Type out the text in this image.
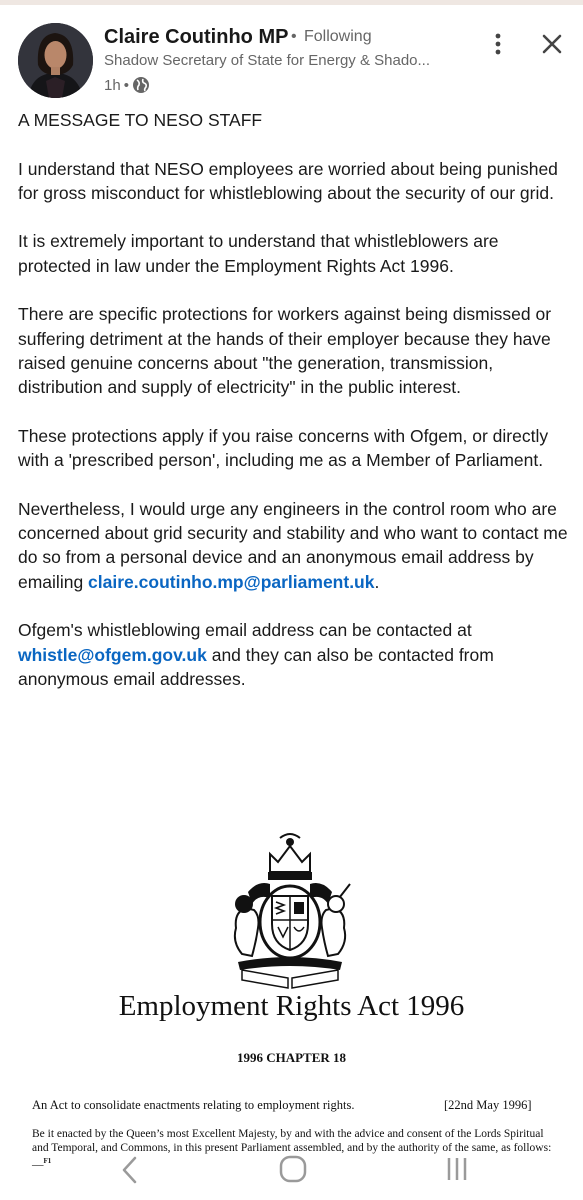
Claire Coutinho MP • Following
Shadow Secretary of State for Energy & Shado...
1h •

A MESSAGE TO NESO STAFF

I understand that NESO employees are worried about being punished for gross misconduct for whistleblowing about the security of our grid.

It is extremely important to understand that whistleblowers are protected in law under the Employment Rights Act 1996.

There are specific protections for workers against being dismissed or suffering detriment at the hands of their employer because they have raised genuine concerns about "the generation, transmission, distribution and supply of electricity" in the public interest.

These protections apply if you raise concerns with Ofgem, or directly with a 'prescribed person', including me as a Member of Parliament.

Nevertheless, I would urge any engineers in the control room who are concerned about grid security and stability and who want to contact me do so from a personal device and an anonymous email address by emailing claire.coutinho.mp@parliament.uk.

Ofgem's whistleblowing email address can be contacted at whistle@ofgem.gov.uk and they can also be contacted from anonymous email addresses.

Employment Rights Act 1996
1996 CHAPTER 18
An Act to consolidate enactments relating to employment rights.	[22nd May 1996]
Be it enacted by the Queen’s most Excellent Majesty, by and with the advice and consent of the Lords Spiritual and Temporal, and Commons, in this present Parliament assembled, and by the authority of the same, as follows:—$^{F1}$
